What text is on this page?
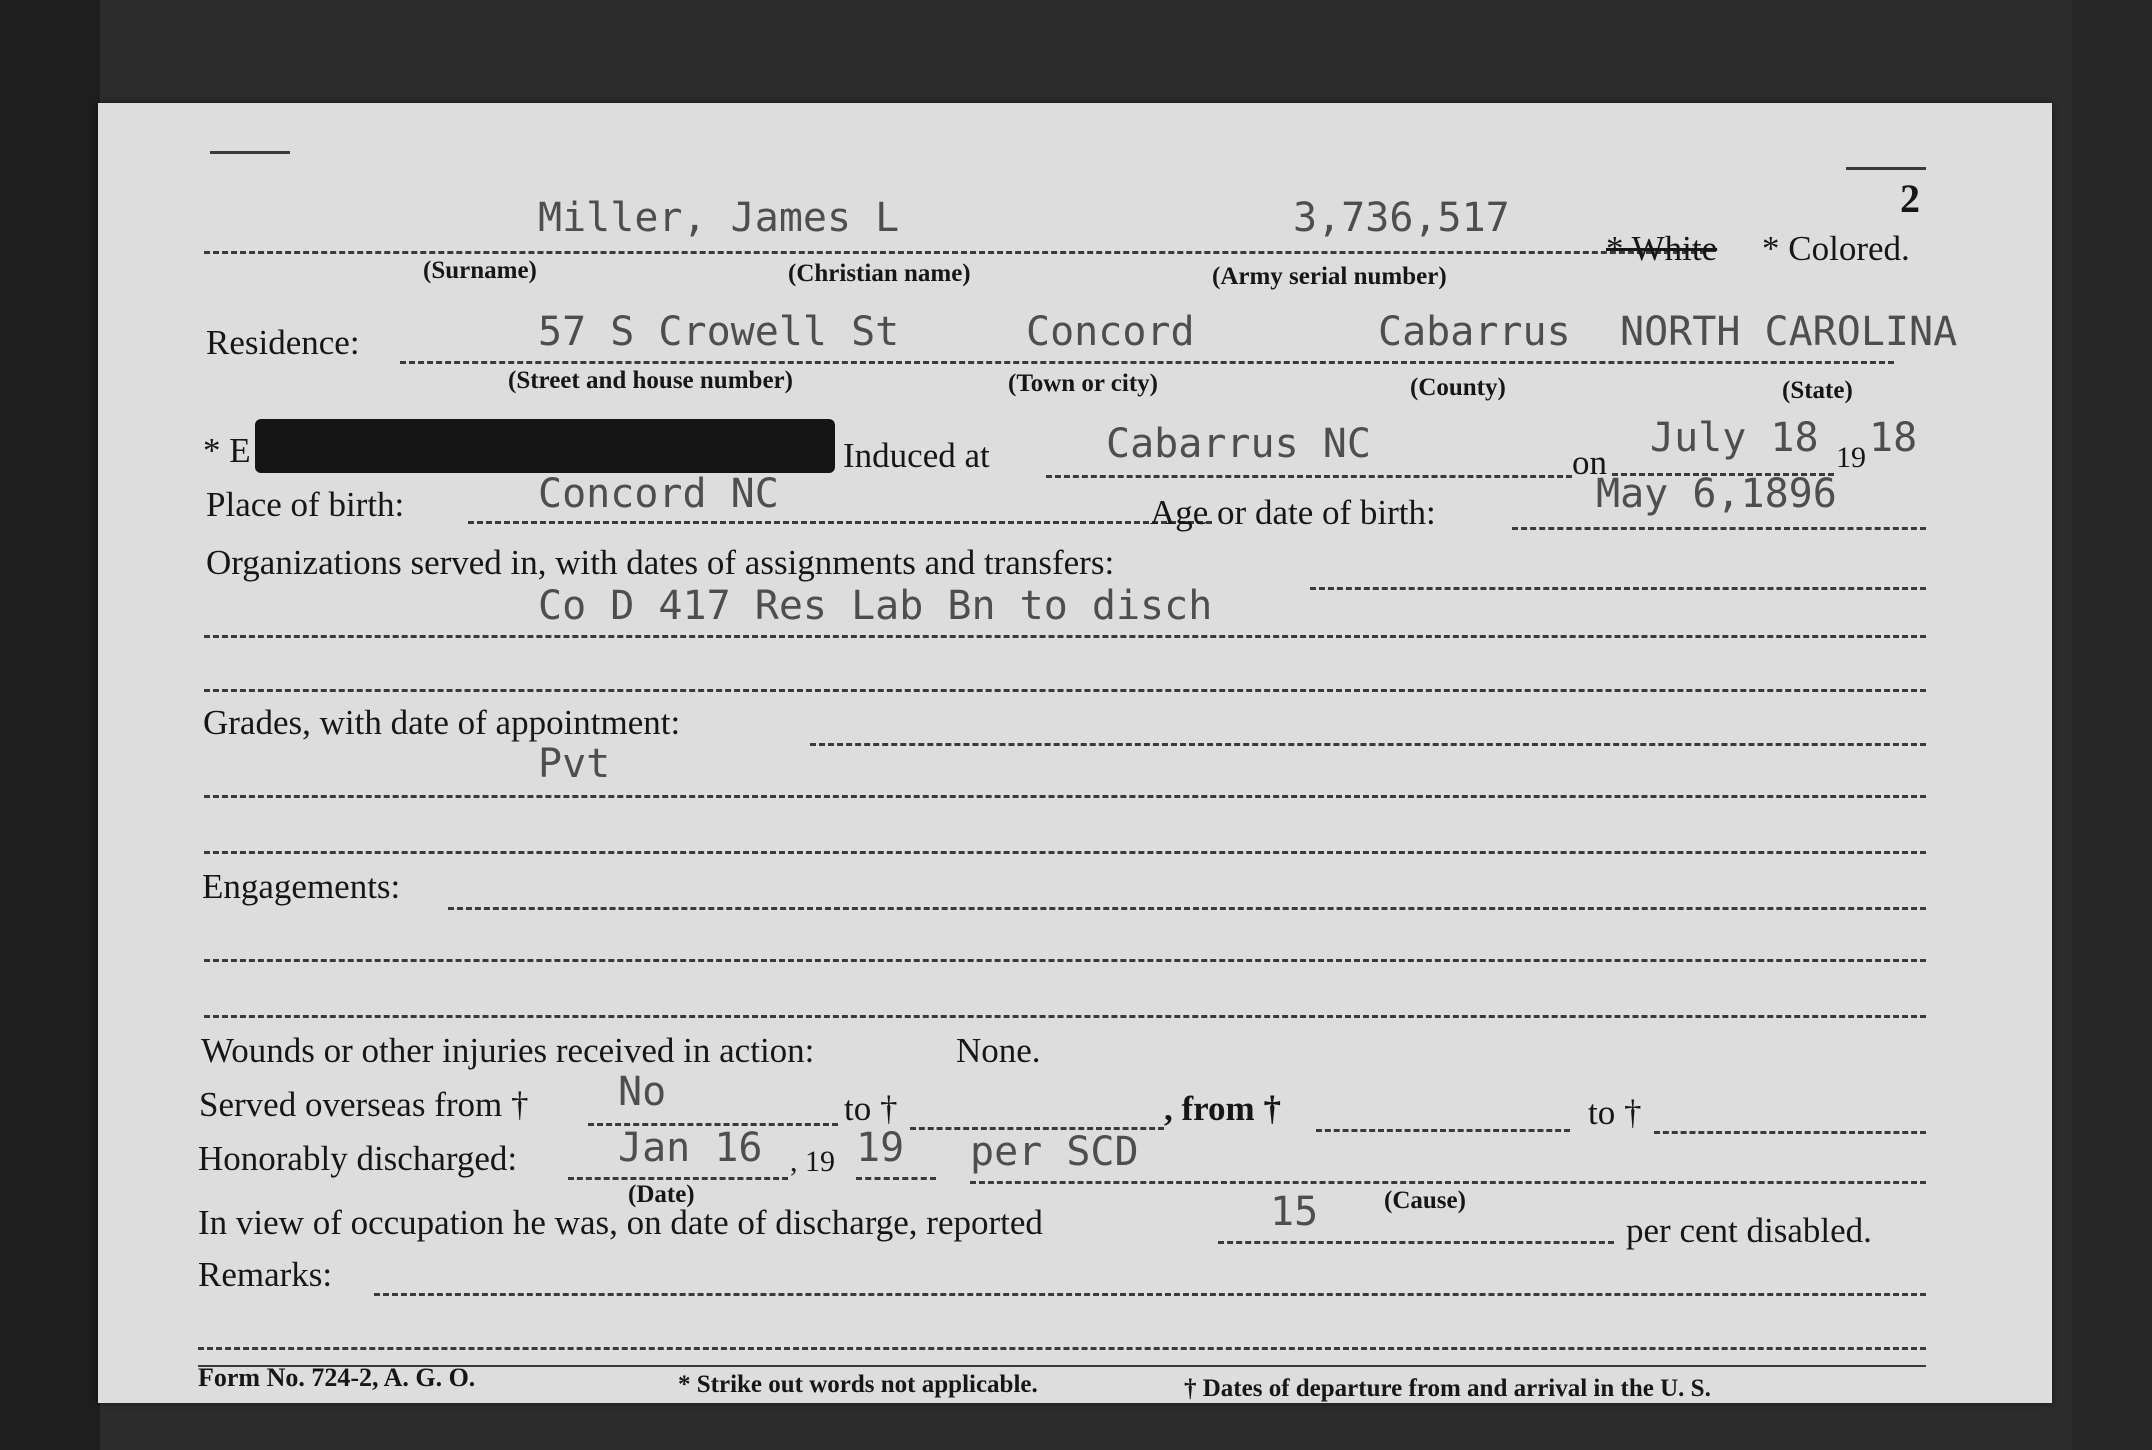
2
Miller, James L	3,736,517
* White * Colored.
(Surname)	(Christian name)	(Army serial number)
Residence:	57 S Crowell St	Concord	Cabarrus NORTH CAROLINA
(Street and house number)	(Town or city)	(County)	(State)
* E	Induced at	Cabarrus NC	on
July 18 19 18
Place of birth:	Concord NC	Age or date of birth:	May 6,1896
Organizations served in, with dates of assignments and transfers:
Co D 417 Res Lab Bn to disch
Grades, with date of appointment:
Pvt
Engagements:
Wounds or other injuries received in action:	None.
Served overseas from † No	to †	, from †	to †
Honorably discharged:	Jan 16 , 19 19 per SCD
(Date)	(Cause)
In view of occupation he was, on date of discharge, reported	15	per cent disabled.
Remarks:
Form No. 724-2, A. G. O.	* Strike out words not applicable.	† Dates of departure from and arrival in the U. S.
